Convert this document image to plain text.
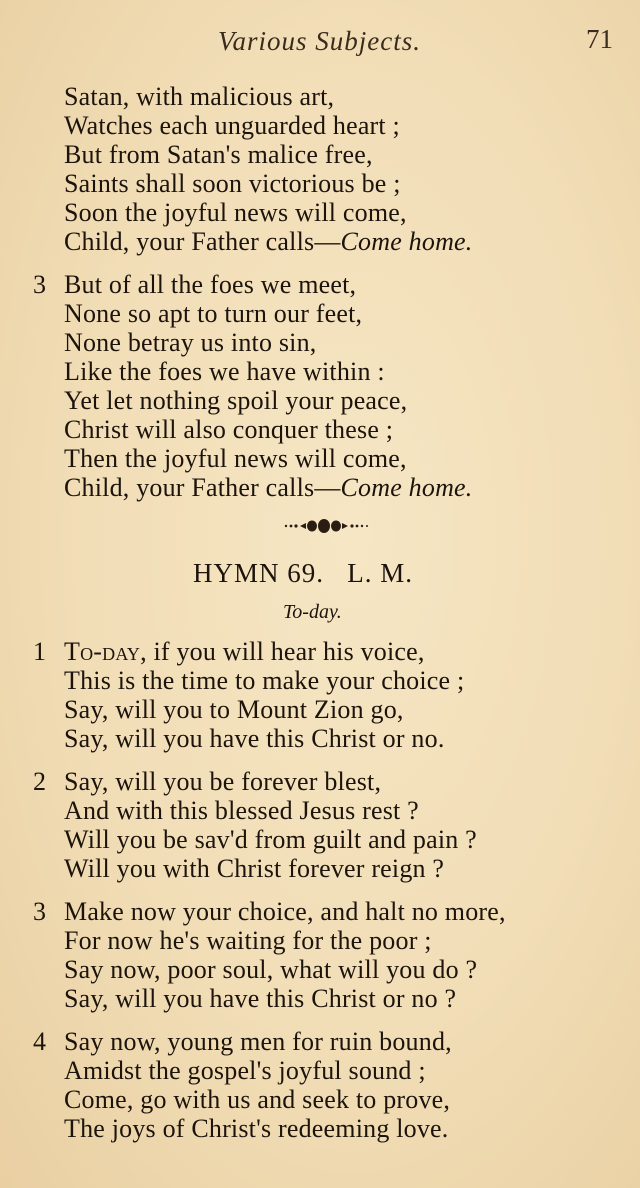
Various Subjects.	71
Satan, with malicious art,
Watches each unguarded heart ;
But from Satan's malice free,
Saints shall soon victorious be ;
Soon the joyful news will come,
Child, your Father calls—Come home.
3 But of all the foes we meet,
None so apt to turn our feet,
None betray us into sin,
Like the foes we have within :
Yet let nothing spoil your peace,
Christ will also conquer these ;
Then the joyful news will come,
Child, your Father calls—Come home.
HYMN 69.   L. M.
To-day.
1 To-day, if you will hear his voice,
This is the time to make your choice ;
Say, will you to Mount Zion go,
Say, will you have this Christ or no.
2 Say, will you be forever blest,
And with this blessed Jesus rest ?
Will you be sav'd from guilt and pain ?
Will you with Christ forever reign ?
3 Make now your choice, and halt no more,
For now he's waiting for the poor ;
Say now, poor soul, what will you do ?
Say, will you have this Christ or no ?
4 Say now, young men for ruin bound,
Amidst the gospel's joyful sound ;
Come, go with us and seek to prove,
The joys of Christ's redeeming love.
